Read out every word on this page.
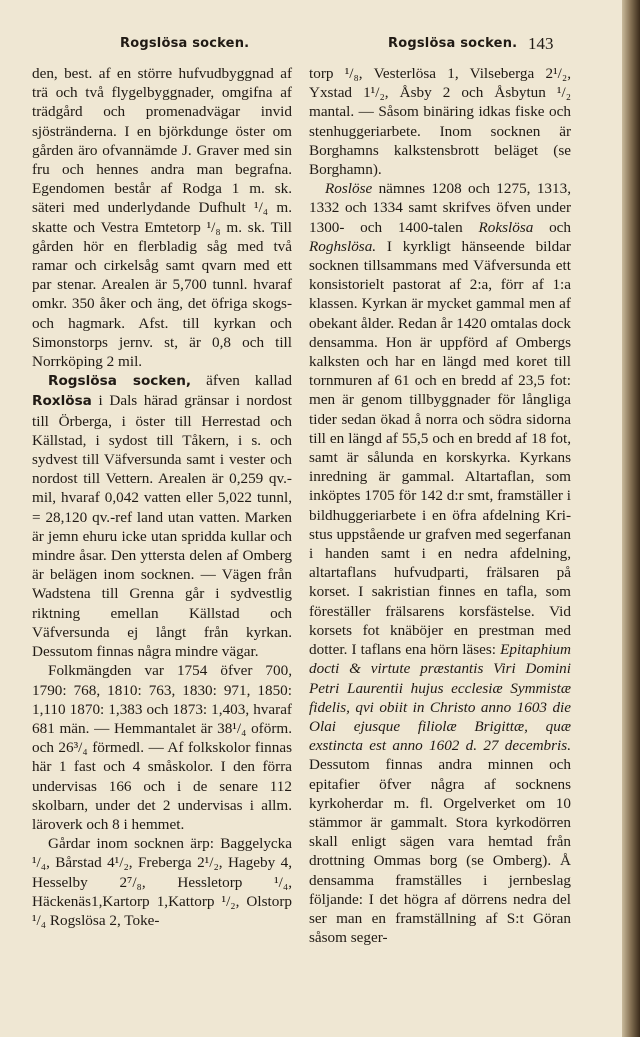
Rogslösa socken.	Rogslösa socken. 143

den, best. af en större hufvudbyggnad af trä och två flygelbyggnader, omgifna af trädgård och promenadvägar invid sjöstränderna. I en björkdunge öster om gården äro ofvannämde J. Graver med sin fru och hennes andra man begrafna. Egendomen består af Rodga 1 m. sk. säteri med underlydande Dufhult ¹/₄ m. skatte och Vestra Emtetorp ¹/₈ m. sk. Till gården hör en flerbladig såg med två ramar och cirkelsåg samt qvarn med ett par stenar. Arealen är 5,700 tunnl. hvaraf omkr. 350 åker och äng, det öfriga skogs- och hagmark. Afst. till kyrkan och Simonstorps jernv. st, är 0,8 och till Norrköping 2 mil.

Rogslösa socken, äfven kallad Roxlösa i Dals härad gränsar i nordost till Örberga, i öster till Herrestad och Källstad, i sydost till Tåkern, i s. och sydvest till Väfversunda samt i vester och nordost till Vettern. Arealen är 0,259 qv.-mil, hvaraf 0,042 vatten eller 5,022 tunnl, = 28,120 qv.-ref land utan vatten. Marken är jemn ehuru icke utan spridda kullar och mindre åsar. Den yttersta delen af Omberg är belägen inom socknen. — Vägen från Wadstena till Grenna går i sydvestlig riktning emellan Källstad och Väfversunda ej långt från kyrkan. Dessutom finnas några mindre vägar.

Folkmängden var 1754 öfver 700, 1790: 768, 1810: 763, 1830: 971, 1850: 1,110 1870: 1,383 och 1873: 1,403, hvaraf 681 män. — Hemmantalet är 38¹/₄ oförm. och 26³/₄ förmedl. — Af folkskolor finnas här 1 fast och 4 småskolor. I den förra undervisas 166 och i de senare 112 skolbarn, under det 2 undervisas i allm. läroverk och 8 i hemmet.

Gårdar inom socknen ärp: Baggelycka ¹/₄, Bårstad 4¹/₂, Freberga 2¹/₂, Hageby 4, Hesselby 2⁷/₈, Hessletorp ¹/₄, Häckenäs1,Kartorp 1,Kattorp ¹/₂, Olstorp ¹/₄ Rogslösa 2, Toke-

torp ¹/₈, Vesterlösa 1, Vilseberga 2¹/₂, Yxstad 1¹/₂, Åsby 2 och Åsbytun ¹/₂ mantal. — Såsom binäring idkas fiske och stenhuggeriarbete. Inom socknen är Borghamns kalkstensbrott beläget (se Borghamn).

Roslöse nämnes 1208 och 1275, 1313, 1332 och 1334 samt skrifves öfven under 1300- och 1400-talen Rokslösa och Roghslösa. I kyrkligt hänseende bildar socknen tillsammans med Väfversunda ett konsistorielt pastorat af 2:a, förr af 1:a klassen. Kyrkan är mycket gammal men af obekant ålder. Redan år 1420 omtalas dock densamma. Hon är uppförd af Ombergs kalksten och har en längd med koret till tornmuren af 61 och en bredd af 23,5 fot: men är genom tillbyggnader för långliga tider sedan ökad å norra och södra sidorna till en längd af 55,5 och en bredd af 18 fot, samt är sålunda en korskyrka. Kyrkans inredning är gammal. Altartaflan, som inköptes 1705 för 142 d:r smt, framställer i bildhuggeriarbete i en öfra afdelning Kristus uppstående ur grafven med segerfanan i handen samt i en nedra afdelning, altartaflans hufvudparti, frälsaren på korset. I sakristian finnes en tafla, som föreställer frälsarens korsfästelse. Vid korsets fot knäböjer en prestman med dotter. I taflans ena hörn läses: Epitaphium docti & virtute præstantis Viri Domini Petri Laurentii hujus ecclesiæ Symmistæ fidelis, qvi obiit in Christo anno 1603 die Olai ejusque filiolæ Brigittæ, quæ exstincta est anno 1602 d. 27 decembris. Dessutom finnas andra minnen och epitafier öfver några af socknens kyrkoherdar m. fl. Orgelverket om 10 stämmor är gammalt. Stora kyrkodörren skall enligt sägen vara hemtad från drottning Ommas borg (se Omberg). Å densamma framställes i jernbeslag följande: I det högra af dörrens nedra del ser man en framställning af S:t Göran såsom seger-
